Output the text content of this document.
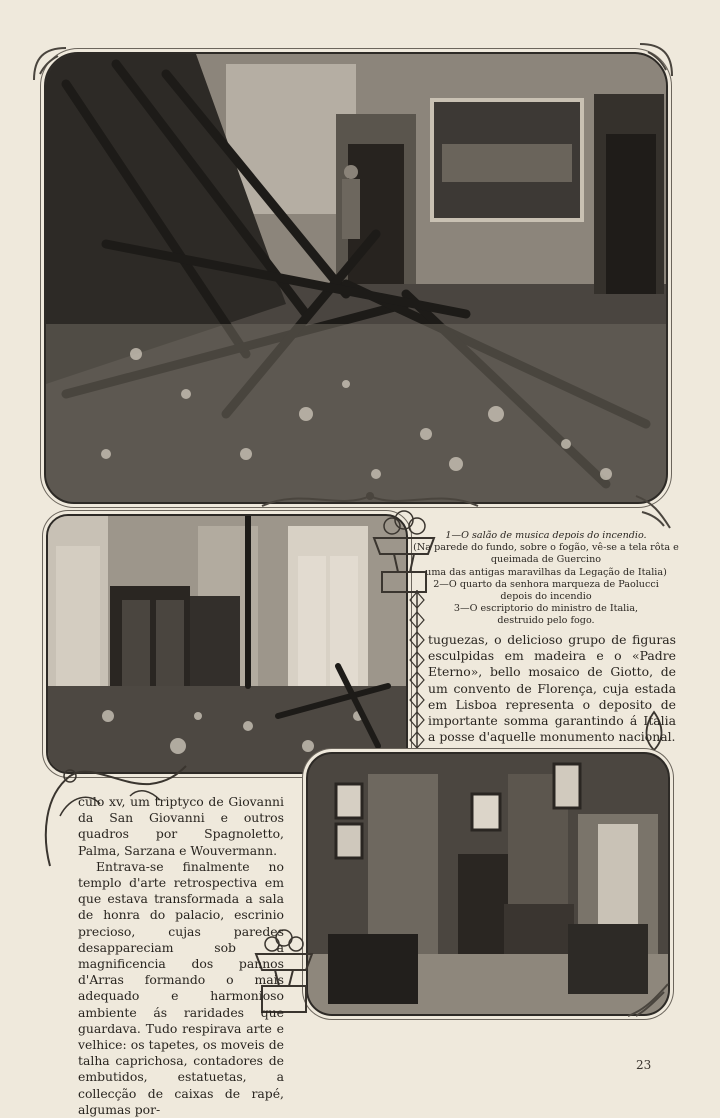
1—O salão de musica depois do incendio.
(Na parede do fundo, sobre o fogão, vê-se a tela rôta e queimada de Guercino
uma das antigas maravilhas da Legação de Italia)
2—O quarto da senhora marqueza de Paolucci
depois do incendio
3—O escriptorio do ministro de Italia,
destruido pelo fogo.

tuguezas, o delicioso grupo de figuras esculpidas em madeira e o «Padre Eterno», bello mosaico de Giotto, de um convento de Florença, cuja estada em Lisboa representa o deposito de importante somma garantindo á Italia a posse d'aquelle monumento nacional.

culo xv, um triptyco de Giovanni da San Giovanni e outros quadros por Spagnoletto, Palma, Sarzana e Wouvermann.

Entrava-se finalmente no templo d'arte retrospectiva em que estava transformada a sala de honra do palacio, escrinio precioso, cujas paredes desappareciam sob a magnificencia dos pannos d'Arras formando o mais adequado e harmonioso ambiente ás raridades que guardava. Tudo respirava arte e velhice: os tapetes, os moveis de talha caprichosa, contadores de embutidos, estatuetas, a collecção de caixas de rapé, algumas por-

23
